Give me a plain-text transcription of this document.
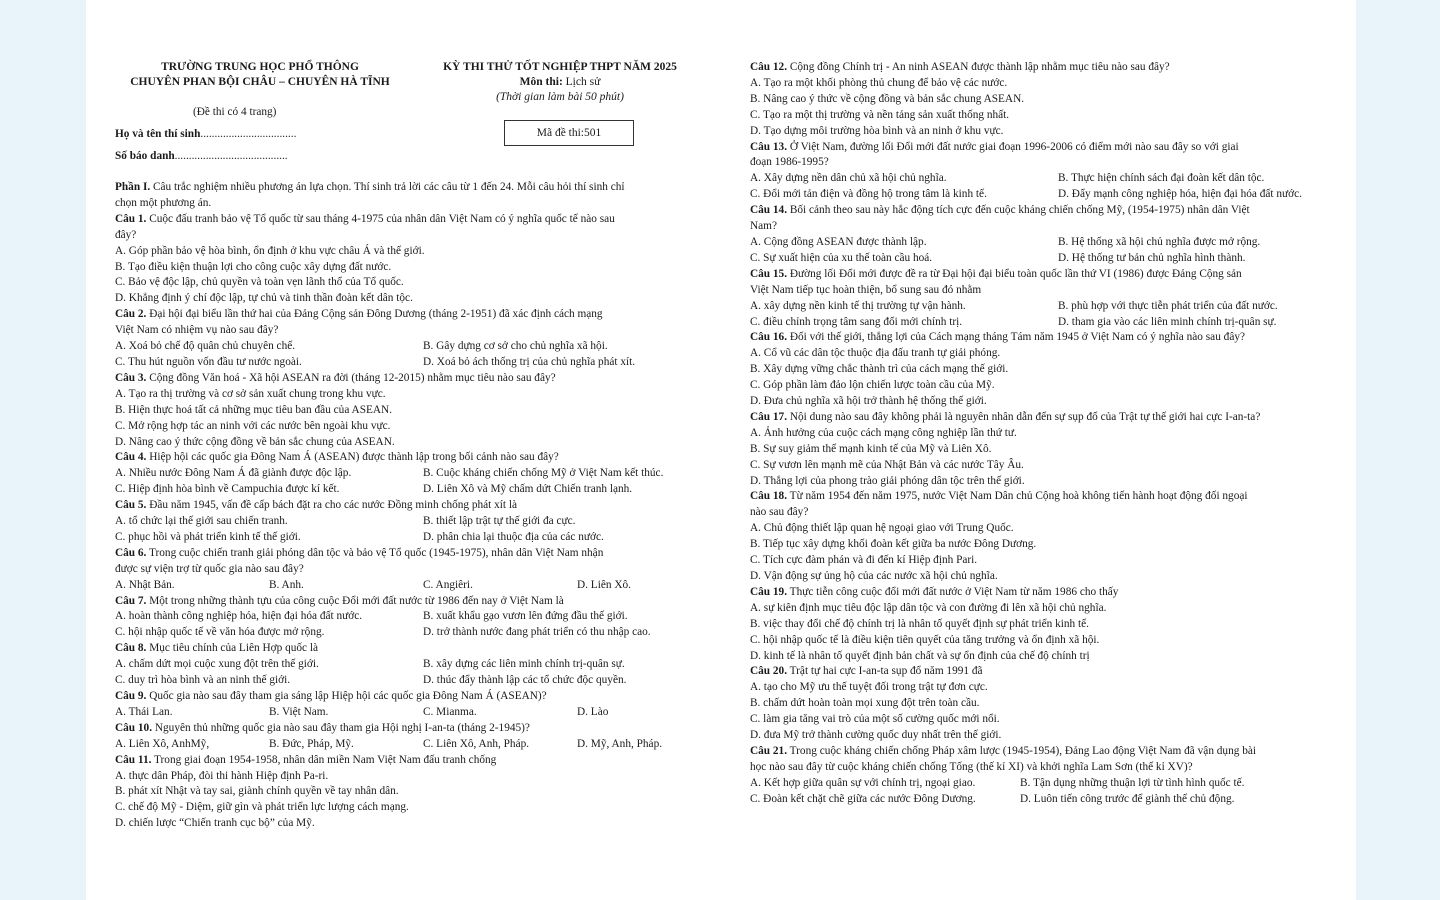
TRƯỜNG TRUNG HỌC PHỔ THÔNG
CHUYÊN PHAN BỘI CHÂU – CHUYÊN HÀ TĨNH
KỲ THI THỬ TỐT NGHIỆP THPT NĂM 2025
Môn thi: Lịch sử
(Thời gian làm bài 50 phút)
(Đề thi có 4 trang)
Họ và tên thí sinh..................................
Số báo danh........................................
Mã đề thi:501
Phần I. Câu trắc nghiệm nhiều phương án lựa chọn. Thí sinh trả lời các câu từ 1 đến 24. Mỗi câu hỏi thí sinh chỉ
chọn một phương án.
Câu 1. Cuộc đấu tranh bảo vệ Tổ quốc từ sau tháng 4-1975 của nhân dân Việt Nam có ý nghĩa quốc tế nào sau
đây?
A. Góp phần bảo vệ hòa bình, ổn định ở khu vực châu Á và thế giới.
B. Tạo điều kiện thuận lợi cho công cuộc xây dựng đất nước.
C. Bảo vệ độc lập, chủ quyền và toàn vẹn lãnh thổ của Tổ quốc.
D. Khẳng định ý chí độc lập, tự chủ và tinh thần đoàn kết dân tộc.
Câu 2. Đại hội đại biểu lần thứ hai của Đảng Cộng sản Đông Dương (tháng 2-1951) đã xác định cách mạng
Việt Nam có nhiệm vụ nào sau đây?
A. Xoá bỏ chế độ quân chủ chuyên chế.	B. Gây dựng cơ sở cho chủ nghĩa xã hội.
C. Thu hút nguồn vốn đầu tư nước ngoài.	D. Xoá bỏ ách thống trị của chủ nghĩa phát xít.
Câu 3. Cộng đồng Văn hoá - Xã hội ASEAN ra đời (tháng 12-2015) nhằm mục tiêu nào sau đây?
A. Tạo ra thị trường và cơ sở sản xuất chung trong khu vực.
B. Hiện thực hoá tất cả những mục tiêu ban đầu của ASEAN.
C. Mở rộng hợp tác an ninh với các nước bên ngoài khu vực.
D. Nâng cao ý thức cộng đồng về bản sắc chung của ASEAN.
Câu 4. Hiệp hội các quốc gia Đông Nam Á (ASEAN) được thành lập trong bối cảnh nào sau đây?
A. Nhiều nước Đông Nam Á đã giành được độc lập.	B. Cuộc kháng chiến chống Mỹ ở Việt Nam kết thúc.
C. Hiệp định hòa bình về Campuchia được kí kết.	D. Liên Xô và Mỹ chấm dứt Chiến tranh lạnh.
Câu 5. Đầu năm 1945, vấn đề cấp bách đặt ra cho các nước Đồng minh chống phát xít là
A. tổ chức lại thế giới sau chiến tranh.	B. thiết lập trật tự thế giới đa cực.
C. phục hồi và phát triển kinh tế thế giới.	D. phân chia lại thuộc địa của các nước.
Câu 6. Trong cuộc chiến tranh giải phóng dân tộc và bảo vệ Tổ quốc (1945-1975), nhân dân Việt Nam nhận
được sự viện trợ từ quốc gia nào sau đây?
A. Nhật Bản.	B. Anh.	C. Angiêri.	D. Liên Xô.
Câu 7. Một trong những thành tựu của công cuộc Đổi mới đất nước từ 1986 đến nay ở Việt Nam là
A. hoàn thành công nghiệp hóa, hiện đại hóa đất nước.	B. xuất khẩu gạo vươn lên đứng đầu thế giới.
C. hội nhập quốc tế về văn hóa được mở rộng.	D. trở thành nước đang phát triển có thu nhập cao.
Câu 8. Mục tiêu chính của Liên Hợp quốc là
A. chấm dứt mọi cuộc xung đột trên thế giới.	B. xây dựng các liên minh chính trị-quân sự.
C. duy trì hòa bình và an ninh thế giới.	D. thúc đẩy thành lập các tổ chức độc quyền.
Câu 9. Quốc gia nào sau đây tham gia sáng lập Hiệp hội các quốc gia Đông Nam Á (ASEAN)?
A. Thái Lan.	B. Việt Nam.	C. Mianma.	D. Lào
Câu 10. Nguyên thủ những quốc gia nào sau đây tham gia Hội nghị I-an-ta (tháng 2-1945)?
A. Liên Xô, AnhMỹ,	B. Đức, Pháp, Mỹ.	C. Liên Xô, Anh, Pháp.	D. Mỹ, Anh, Pháp.
Câu 11. Trong giai đoạn 1954-1958, nhân dân miền Nam Việt Nam đấu tranh chống
A. thực dân Pháp, đòi thi hành Hiệp định Pa-ri.
B. phát xít Nhật và tay sai, giành chính quyền về tay nhân dân.
C. chế độ Mỹ - Diệm, giữ gìn và phát triển lực lượng cách mạng.
D. chiến lược “Chiến tranh cục bộ” của Mỹ.
Câu 12. Cộng đồng Chính trị - An ninh ASEAN được thành lập nhằm mục tiêu nào sau đây?
A. Tạo ra một khối phòng thủ chung để bảo vệ các nước.
B. Nâng cao ý thức về cộng đồng và bản sắc chung ASEAN.
C. Tạo ra một thị trường và nền tảng sản xuất thống nhất.
D. Tạo dựng môi trường hòa bình và an ninh ở khu vực.
Câu 13. Ở Việt Nam, đường lối Đổi mới đất nước giai đoạn 1996-2006 có điểm mới nào sau đây so với giai
đoạn 1986-1995?
A. Xây dựng nền dân chủ xã hội chủ nghĩa.	B. Thực hiện chính sách đại đoàn kết dân tộc.
C. Đổi mới tản điện và đồng hộ trong tâm là kinh tế.	D. Đẩy mạnh công nghiệp hóa, hiện đại hóa đất nước.
Câu 14. Bối cảnh theo sau này hắc động tích cực đến cuộc kháng chiến chống Mỹ, (1954-1975) nhân dân Việt
Nam?
A. Cộng đồng ASEAN được thành lập.	B. Hệ thống xã hội chủ nghĩa được mở rộng.
C. Sự xuất hiện của xu thế toàn cầu hoá.	D. Hệ thống tư bản chủ nghĩa hình thành.
Câu 15. Đường lối Đổi mới được đề ra từ Đại hội đại biểu toàn quốc lần thứ VI (1986) được Đảng Cộng sản
Việt Nam tiếp tục hoàn thiện, bổ sung sau đó nhằm
A. xây dựng nền kinh tế thị trường tự vận hành.	B. phù hợp với thực tiễn phát triển của đất nước.
C. điều chỉnh trọng tâm sang đổi mới chính trị.	D. tham gia vào các liên minh chính trị-quân sự.
Câu 16. Đối với thế giới, thắng lợi của Cách mạng tháng Tám năm 1945 ở Việt Nam có ý nghĩa nào sau đây?
A. Cổ vũ các dân tộc thuộc địa đấu tranh tự giải phóng.
B. Xây dựng vững chắc thành trì của cách mạng thế giới.
C. Góp phần làm đảo lộn chiến lược toàn cầu của Mỹ.
D. Đưa chủ nghĩa xã hội trở thành hệ thống thế giới.
Câu 17. Nội dung nào sau đây không phải là nguyên nhân dẫn đến sự sụp đổ của Trật tự thế giới hai cực I-an-ta?
A. Ảnh hưởng của cuộc cách mạng công nghiệp lần thứ tư.
B. Sự suy giảm thế mạnh kinh tế của Mỹ và Liên Xô.
C. Sự vươn lên mạnh mẽ của Nhật Bản và các nước Tây Âu.
D. Thắng lợi của phong trào giải phóng dân tộc trên thế giới.
Câu 18. Từ năm 1954 đến năm 1975, nước Việt Nam Dân chủ Cộng hoà không tiến hành hoạt động đối ngoại
nào sau đây?
A. Chủ động thiết lập quan hệ ngoại giao với Trung Quốc.
B. Tiếp tục xây dựng khối đoàn kết giữa ba nước Đông Dương.
C. Tích cực đàm phán và đi đến kí Hiệp định Pari.
D. Vận động sự ủng hộ của các nước xã hội chủ nghĩa.
Câu 19. Thực tiễn công cuộc đổi mới đất nước ở Việt Nam từ năm 1986 cho thấy
A. sự kiên định mục tiêu độc lập dân tộc và con đường đi lên xã hội chủ nghĩa.
B. việc thay đổi chế độ chính trị là nhân tố quyết định sự phát triển kinh tế.
C. hội nhập quốc tế là điều kiện tiên quyết của tăng trưởng và ổn định xã hội.
D. kinh tế là nhân tố quyết định bản chất và sự ổn định của chế độ chính trị
Câu 20. Trật tự hai cực I-an-ta sụp đổ năm 1991 đã
A. tạo cho Mỹ ưu thế tuyệt đối trong trật tự đơn cực.
B. chấm dứt hoàn toàn mọi xung đột trên toàn cầu.
C. làm gia tăng vai trò của một số cường quốc mới nổi.
D. đưa Mỹ trở thành cường quốc duy nhất trên thế giới.
Câu 21. Trong cuộc kháng chiến chống Pháp xâm lược (1945-1954), Đảng Lao động Việt Nam đã vận dụng bài
học nào sau đây từ cuộc kháng chiến chống Tống (thế kỉ XI) và khởi nghĩa Lam Sơn (thế kỉ XV)?
A. Kết hợp giữa quân sự với chính trị, ngoại giao.	B. Tận dụng những thuận lợi từ tình hình quốc tế.
C. Đoàn kết chặt chẽ giữa các nước Đông Dương.	D. Luôn tiến công trước để giành thế chủ động.
